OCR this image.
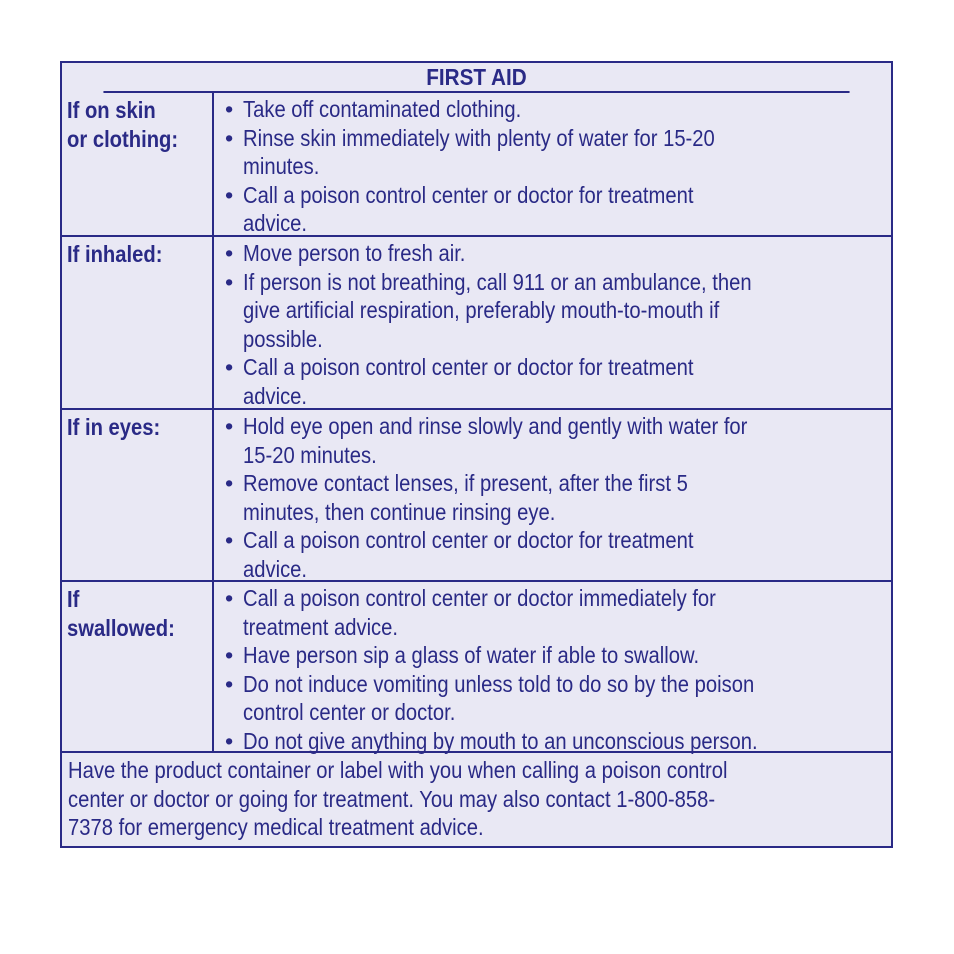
FIRST AID
If on skin
or clothing:
• Take off contaminated clothing.
• Rinse skin immediately with plenty of water for 15-20
minutes.
• Call a poison control center or doctor for treatment
advice.
If inhaled:	• Move person to fresh air.
• If person is not breathing, call 911 or an ambulance, then
give artificial respiration, preferably mouth-to-mouth if
possible.
• Call a poison control center or doctor for treatment
advice.
If in eyes:	• Hold eye open and rinse slowly and gently with water for
15-20 minutes.
• Remove contact lenses, if present, after the first 5
minutes, then continue rinsing eye.
• Call a poison control center or doctor for treatment
advice.
If
swallowed:
• Call a poison control center or doctor immediately for
treatment advice.
• Have person sip a glass of water if able to swallow.
• Do not induce vomiting unless told to do so by the poison
control center or doctor.
• Do not give anything by mouth to an unconscious person.
Have the product container or label with you when calling a poison control
center or doctor or going for treatment. You may also contact 1-800-858-
7378 for emergency medical treatment advice.
